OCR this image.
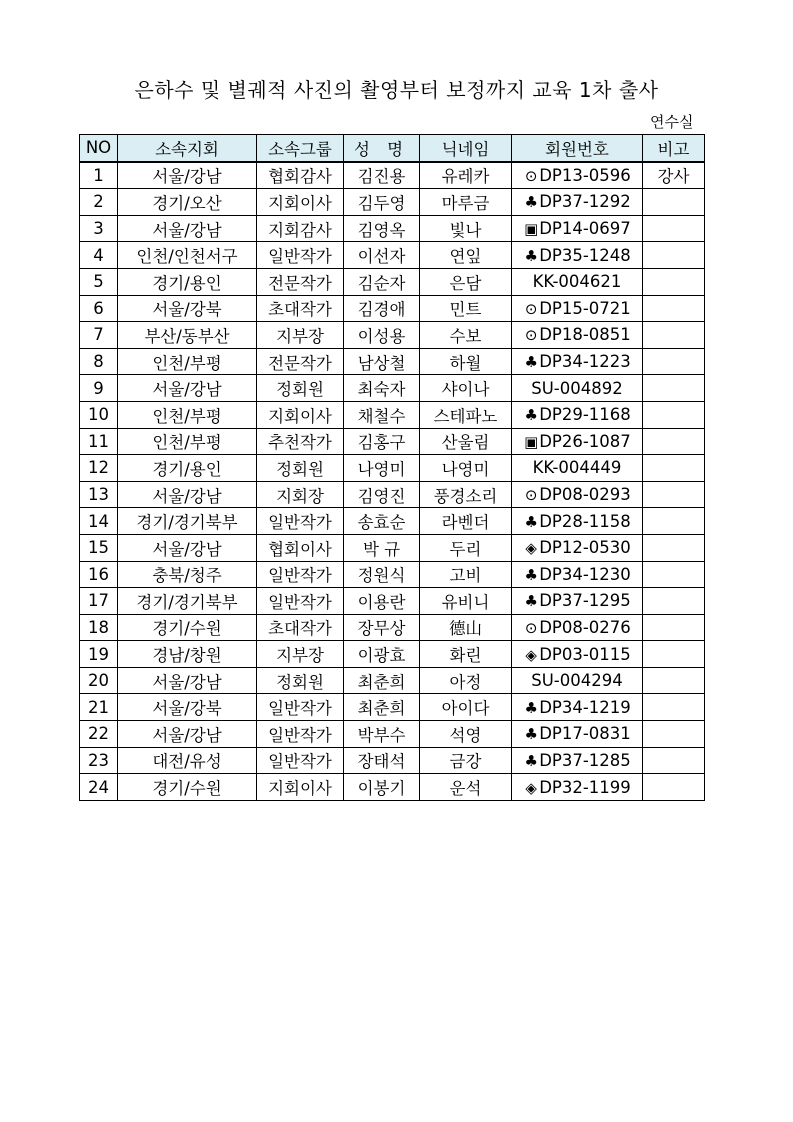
은하수 및 별궤적 사진의 촬영부터 보정까지 교육 1차 출사
연수실
NO	소속지회	소속그룹	성 명	닉네임	회원번호	비고
1	서울/강남	협회감사	김진용	유레카	⊙ DP13-0596	강사
2	경기/오산	지회이사	김두영	마루금	♣DP37-1292	
3	서울/강남	지회감사	김영옥	빛나	▣DP14-0697	
4	인천/인천서구	일반작가	이선자	연잎	♣DP35-1248	
5	경기/용인	전문작가	김순자	은담	KK-004621	
6	서울/강북	초대작가	김경애	민트	⊙ DP15-0721	
7	부산/동부산	지부장	이성용	수보	⊙ DP18-0851	
8	인천/부평	전문작가	남상철	하월	♣DP34-1223	
9	서울/강남	정회원	최숙자	샤이나	SU-004892	
10	인천/부평	지회이사	채철수	스테파노	♣DP29-1168	
11	인천/부평	추천작가	김홍구	산울림	▣DP26-1087	
12	경기/용인	정회원	나영미	나영미	KK-004449	
13	서울/강남	지회장	김영진	풍경소리	⊙ DP08-0293	
14	경기/경기북부	일반작가	송효순	라벤더	♣DP28-1158	
15	서울/강남	협회이사	박 규	두리	◈ DP12-0530	
16	충북/청주	일반작가	정원식	고비	♣DP34-1230	
17	경기/경기북부	일반작가	이용란	유비니	♣DP37-1295	
18	경기/수원	초대작가	장무상	德山	⊙ DP08-0276	
19	경남/창원	지부장	이광효	화린	◈ DP03-0115	
20	서울/강남	정회원	최춘희	아정	SU-004294	
21	서울/강북	일반작가	최춘희	아이다	♣DP34-1219	
22	서울/강남	일반작가	박부수	석영	♣DP17-0831	
23	대전/유성	일반작가	장태석	금강	♣DP37-1285	
24	경기/수원	지회이사	이봉기	운석	◈ DP32-1199	
